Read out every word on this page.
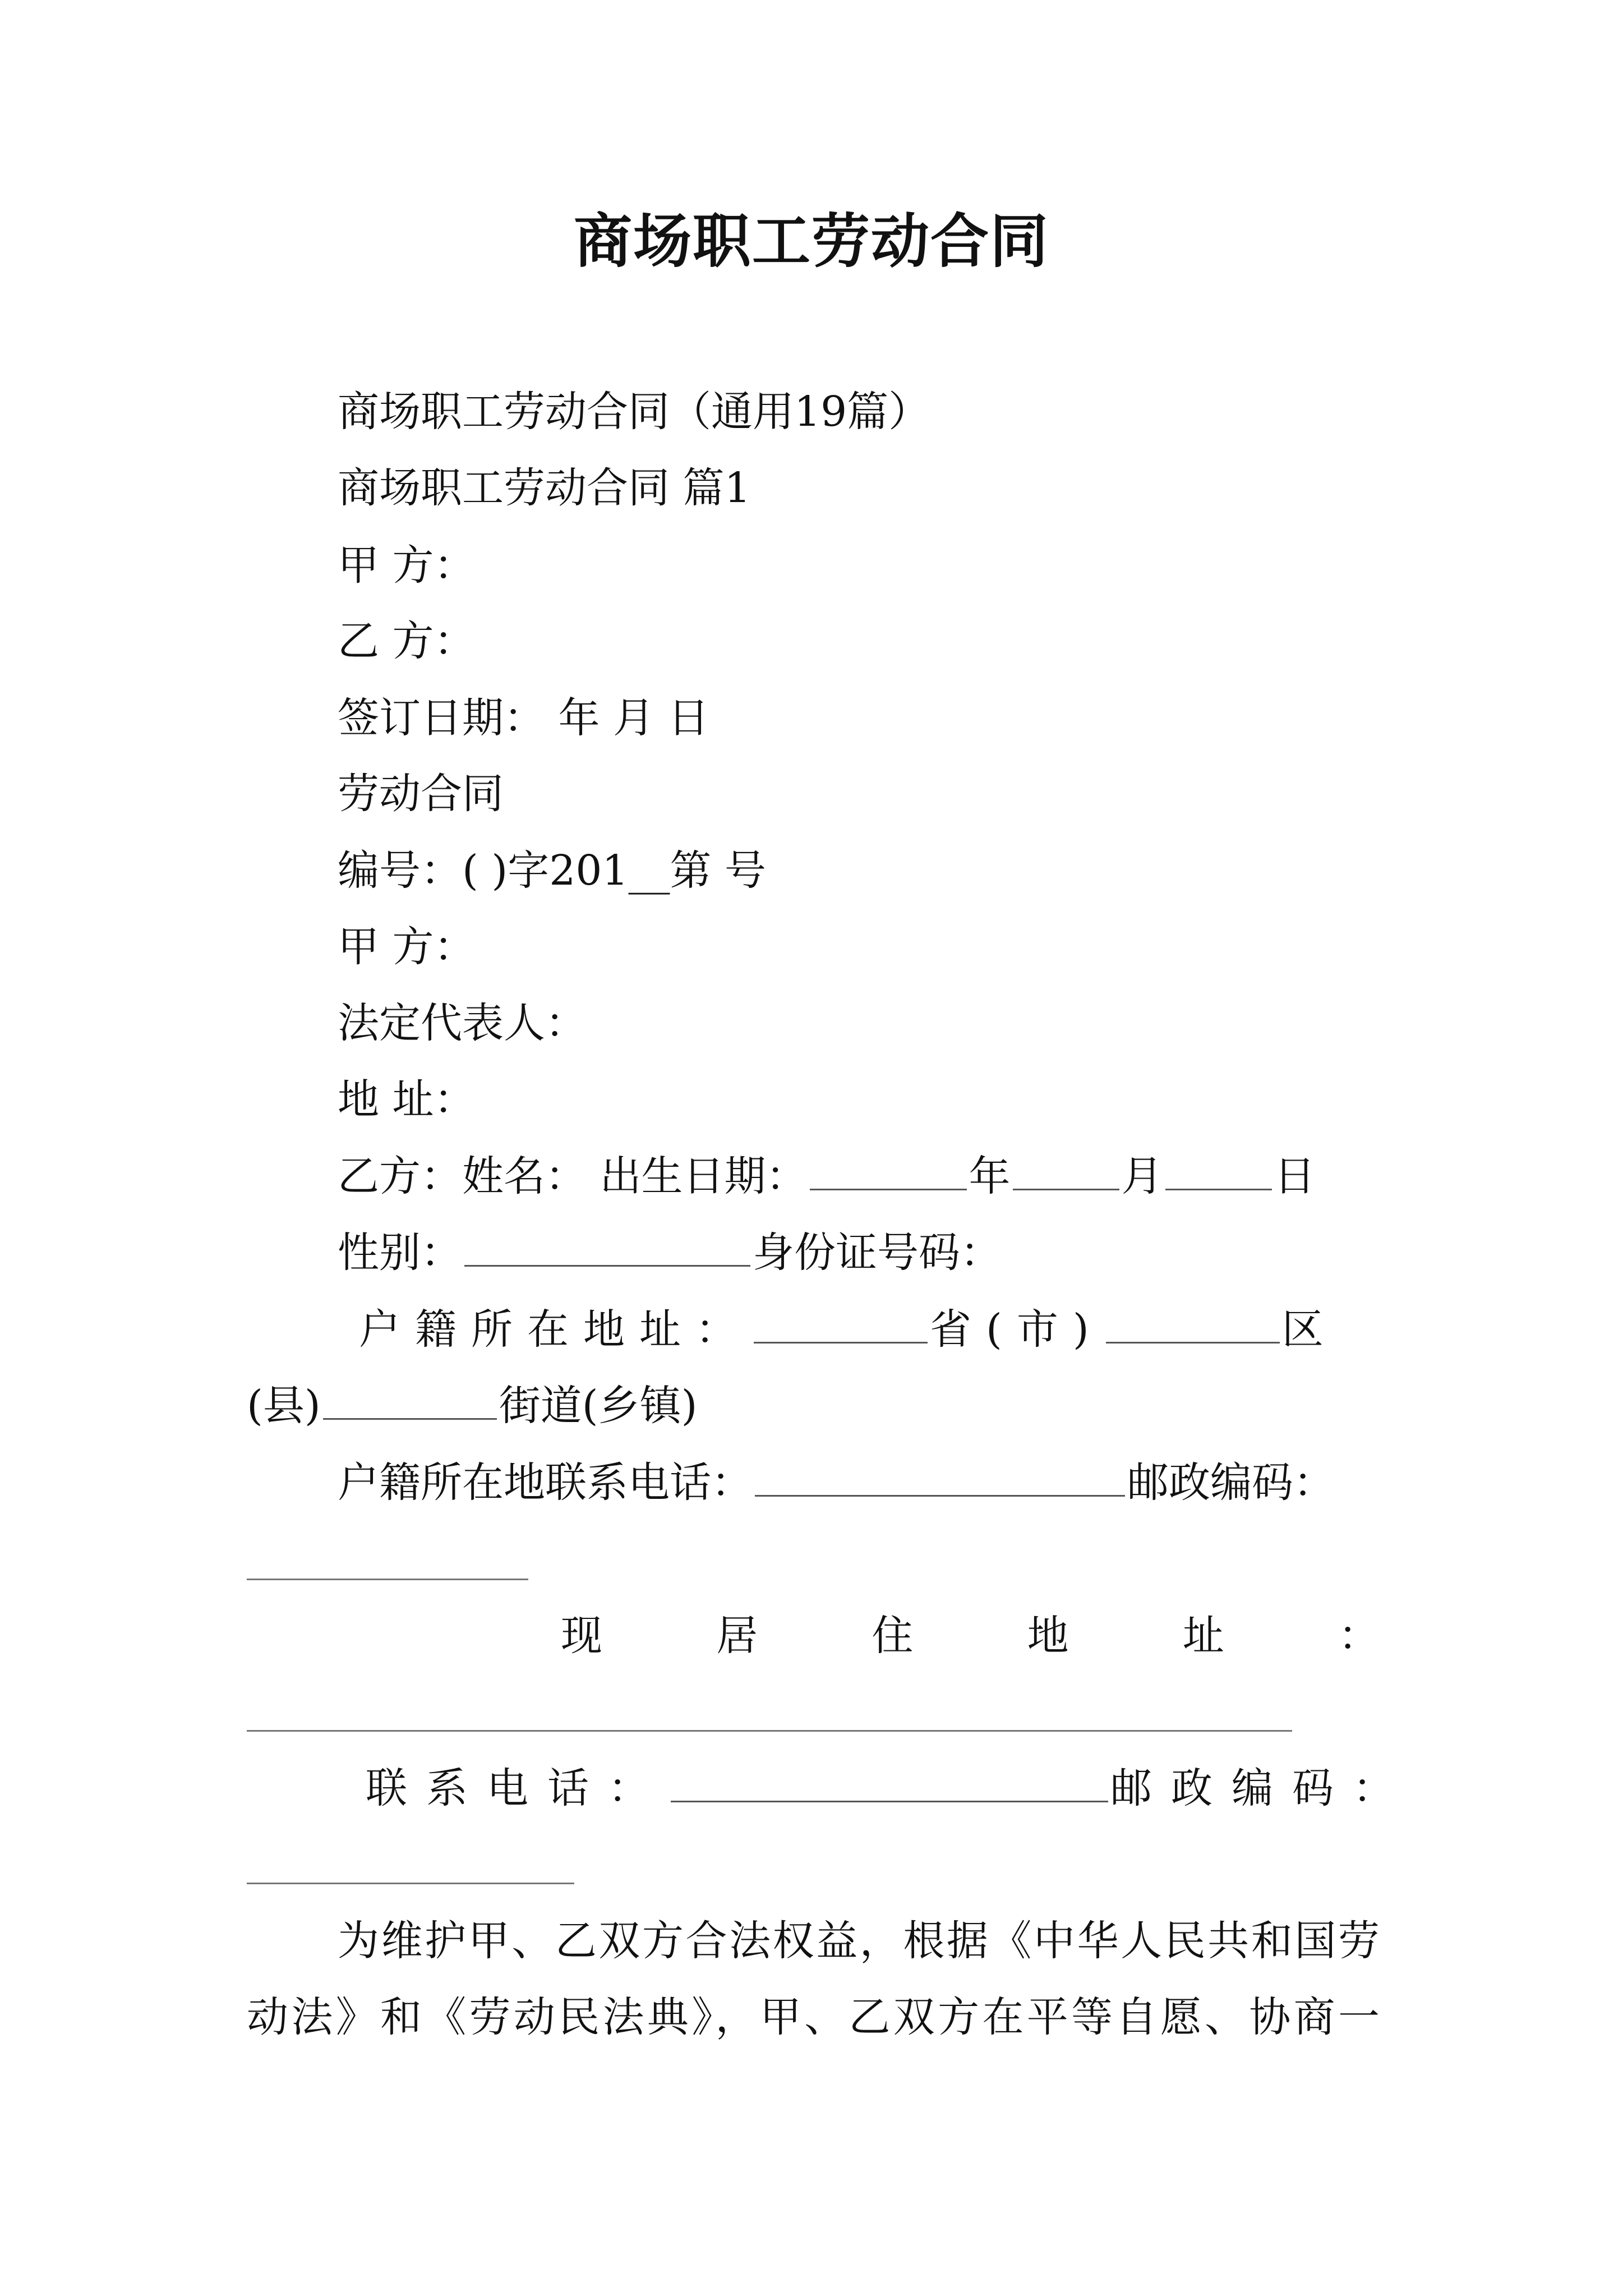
商场职工劳动合同
商场职工劳动合同（通用19篇）
商场职工劳动合同 篇1
甲 方：
乙 方：
签订日期： 年 月 日
劳动合同
编号：( )字201__第 号
甲 方：
法定代表人：
地 址：
乙方：姓名： 出生日期：	年	月	日
性别：	身份证号码：
户籍所在地址：	省(市)	区
(县)	街道(乡镇)
户籍所在地联系电话：	邮政编码：
现	居	住	地	址	：
联系电话：	邮政编码：
为维护甲、乙双方合法权益，根据《中华人民共和国劳
动法》和《劳动民法典》，甲、乙双方在平等自愿、协商一
